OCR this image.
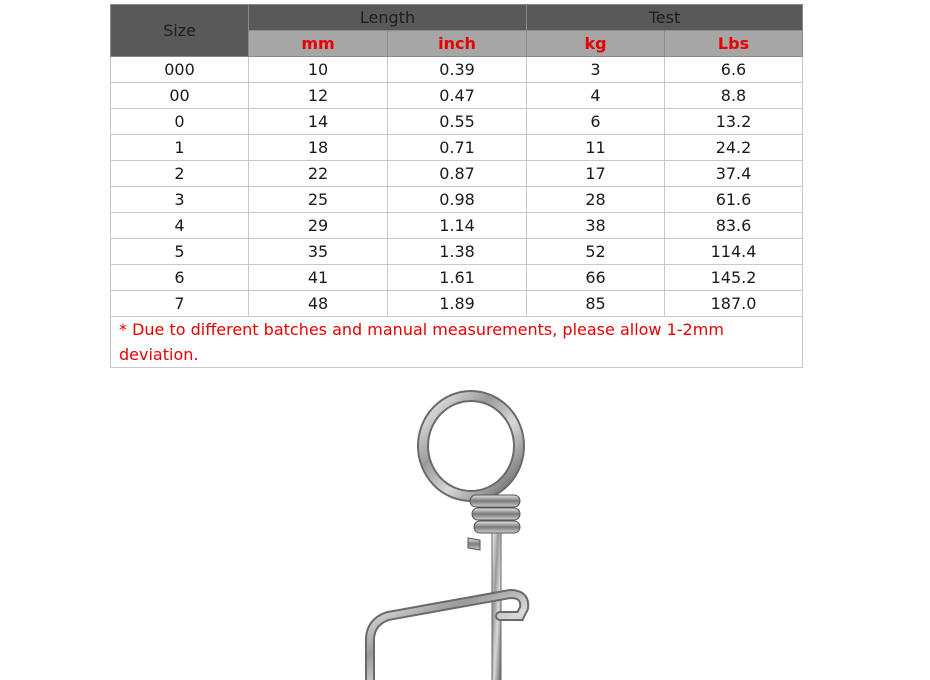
Size	Length		Test	
	mm	inch	kg	Lbs
000	10	0.39	3	6.6
00	12	0.47	4	8.8
0	14	0.55	6	13.2
1	18	0.71	11	24.2
2	22	0.87	17	37.4
3	25	0.98	28	61.6
4	29	1.14	38	83.6
5	35	1.38	52	114.4
6	41	1.61	66	145.2
7	48	1.89	85	187.0
* Due to different batches and manual measurements, please allow 1-2mm deviation.				
